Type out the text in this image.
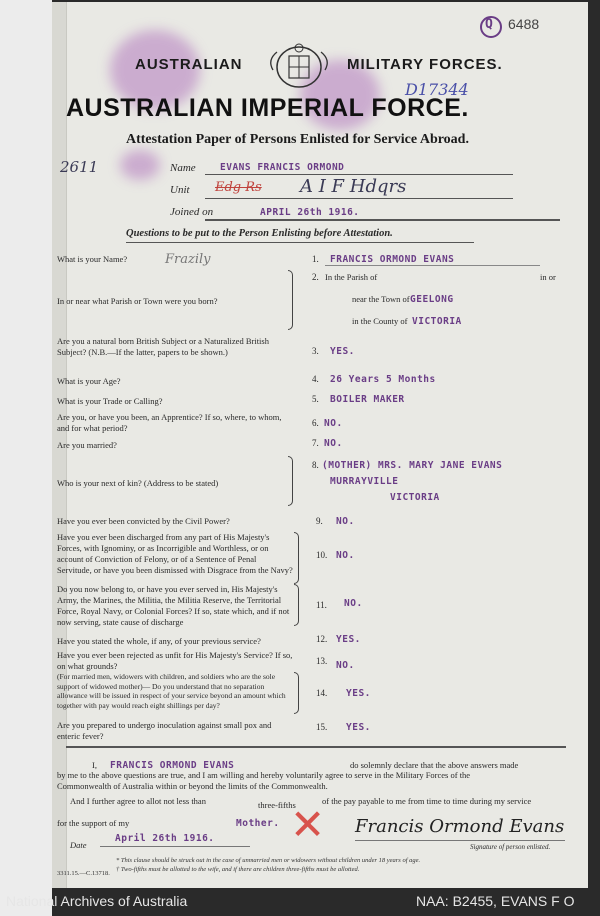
Q 6488
AUSTRALIAN	MILITARY FORCES.
AUSTRALIAN IMPERIAL FORCE.
D17344
Attestation Paper of Persons Enlisted for Service Abroad.
2611	Name	EVANS FRANCIS ORMOND
Unit	A I F Hdqrs
Edg Rs
Joined on	APRIL 26th 1916.
Questions to be put to the Person Enlisting before Attestation.
What is your Name?	Frazily	1. FRANCIS ORMOND EVANS
In or near what Parish or Town were you born?
2. In the Parish of	in or
near the Town of GEELONG
in the County of VICTORIA
Are you a natural born British Subject or a Naturalized British Subject? (N.B.—If the latter, papers to be shown.)	3. YES.
What is your Age?	4. 26 Years 5 Months
What is your Trade or Calling?	5. BOILER MAKER
Are you, or have you been, an Apprentice? If so, where, to whom, and for what period?	6. NO.
Are you married?	7. NO.
Who is your next of kin? (Address to be stated)
8. (MOTHER) MRS. MARY JANE EVANS
MURRAYVILLE
VICTORIA
Have you ever been convicted by the Civil Power?	9. NO.
Have you ever been discharged from any part of His Majesty's Forces, with Ignominy, or as Incorrigible and Worthless, or on account of Conviction of Felony, or of a Sentence of Penal Servitude, or have you been dismissed with Disgrace from the Navy?
10. NO.
Do you now belong to, or have you ever served in, His Majesty's Army, the Marines, the Militia, the Militia Reserve, the Territorial Force, Royal Navy, or Colonial Forces? If so, state which, and if not now serving, state cause of discharge
11. NO.
Have you stated the whole, if any, of your previous service?	12. YES.
Have you ever been rejected as unfit for His Majesty's Service? If so, on what grounds?	13. NO.
(For married men, widowers with children, and soldiers who are the sole support of widowed mother)— Do you understand that no separation allowance will be issued in respect of your service beyond an amount which together with pay would reach eight shillings per day?
14. YES.
Are you prepared to undergo inoculation against small pox and enteric fever?
15. YES.
I, FRANCIS ORMOND EVANS	do solemnly declare that the above answers made
by me to the above questions are true, and I am willing and hereby voluntarily agree to serve in the Military Forces of the
Commonwealth of Australia within or beyond the limits of the Commonwealth.
And I further agree to allot not less than	three-fifths	of the pay payable to me from time to time during my service
for the support of my	Mother.
April 26th 1916.
Date	✕ Francis Ormond Evans
Signature of person enlisted.
* This clause should be struck out in the case of unmarried men or widowers without children under 18 years of age.
† Two-fifths must be allotted to the wife, and if there are children three-fifths must be allotted.
3311.15.—C.13718.
National Archives of Australia	NAA: B2455, EVANS F O
